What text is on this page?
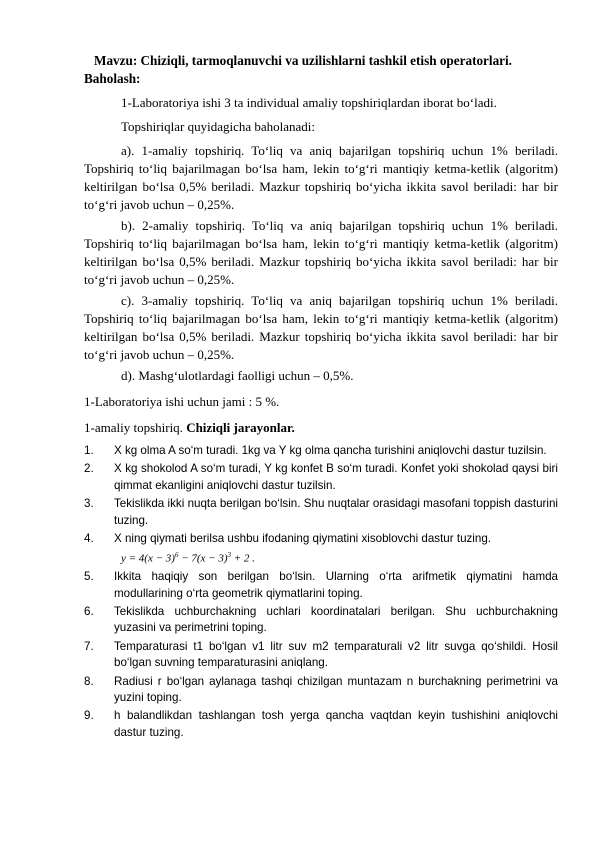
Mavzu: Chiziqli, tarmoqlanuvchi va uzilishlarni tashkil etish operatorlari.
Baholash:

1-Laboratoriya ishi 3 ta individual amaliy topshiriqlardan iborat bo‘ladi.

Topshiriqlar quyidagicha baholanadi:

a). 1-amaliy topshiriq. To‘liq va aniq bajarilgan topshiriq uchun 1% beriladi. Topshiriq to‘liq bajarilmagan bo‘lsa ham, lekin to‘g‘ri mantiqiy ketma-ketlik (algoritm) keltirilgan bo‘lsa 0,5% beriladi. Mazkur topshiriq bo‘yicha ikkita savol beriladi: har bir to‘g‘ri javob uchun – 0,25%.

b). 2-amaliy topshiriq. To‘liq va aniq bajarilgan topshiriq uchun 1% beriladi. Topshiriq to‘liq bajarilmagan bo‘lsa ham, lekin to‘g‘ri mantiqiy ketma-ketlik (algoritm) keltirilgan bo‘lsa 0,5% beriladi. Mazkur topshiriq bo‘yicha ikkita savol beriladi: har bir to‘g‘ri javob uchun – 0,25%.

c). 3-amaliy topshiriq. To‘liq va aniq bajarilgan topshiriq uchun 1% beriladi. Topshiriq to‘liq bajarilmagan bo‘lsa ham, lekin to‘g‘ri mantiqiy ketma-ketlik (algoritm) keltirilgan bo‘lsa 0,5% beriladi. Mazkur topshiriq bo‘yicha ikkita savol beriladi: har bir to‘g‘ri javob uchun – 0,25%.

d). Mashg‘ulotlardagi faolligi uchun – 0,5%.

1-Laboratoriya ishi uchun jami : 5 %.

1-amaliy topshiriq. Chiziqli jarayonlar.

1.	X kg olma A so‘m turadi. 1kg va Y kg olma qancha turishini aniqlovchi dastur tuzilsin.
2.	X kg shokolod A so‘m turadi, Y kg konfet B so‘m turadi. Konfet yoki shokolad qaysi biri qimmat ekanligini aniqlovchi dastur tuzilsin.
3.	Tekislikda ikki nuqta berilgan bo‘lsin. Shu nuqtalar orasidagi masofani toppish dasturini tuzing.
4.	X ning qiymati berilsa ushbu ifodaning qiymatini xisoblovchi dastur tuzing.
$y = 4(x - 3)^6 - 7(x - 3)^3 + 2$ .
5.	Ikkita haqiqiy son berilgan bo‘lsin. Ularning o‘rta arifmetik qiymatini hamda modullarining o‘rta geometrik qiymatlarini toping.
6.	Tekislikda uchburchakning uchlari koordinatalari berilgan. Shu uchburchakning yuzasini va perimetrini toping.
7.	Temparaturasi t1 bo‘lgan v1 litr suv m2 temparaturali v2 litr suvga qo‘shildi. Hosil bo‘lgan suvning temparaturasini aniqlang.
8.	Radiusi r bo‘lgan aylanaga tashqi chizilgan muntazam n burchakning perimetrini va yuzini toping.
9.	h balandlikdan tashlangan tosh yerga qancha vaqtdan keyin tushishini aniqlovchi dastur tuzing.
